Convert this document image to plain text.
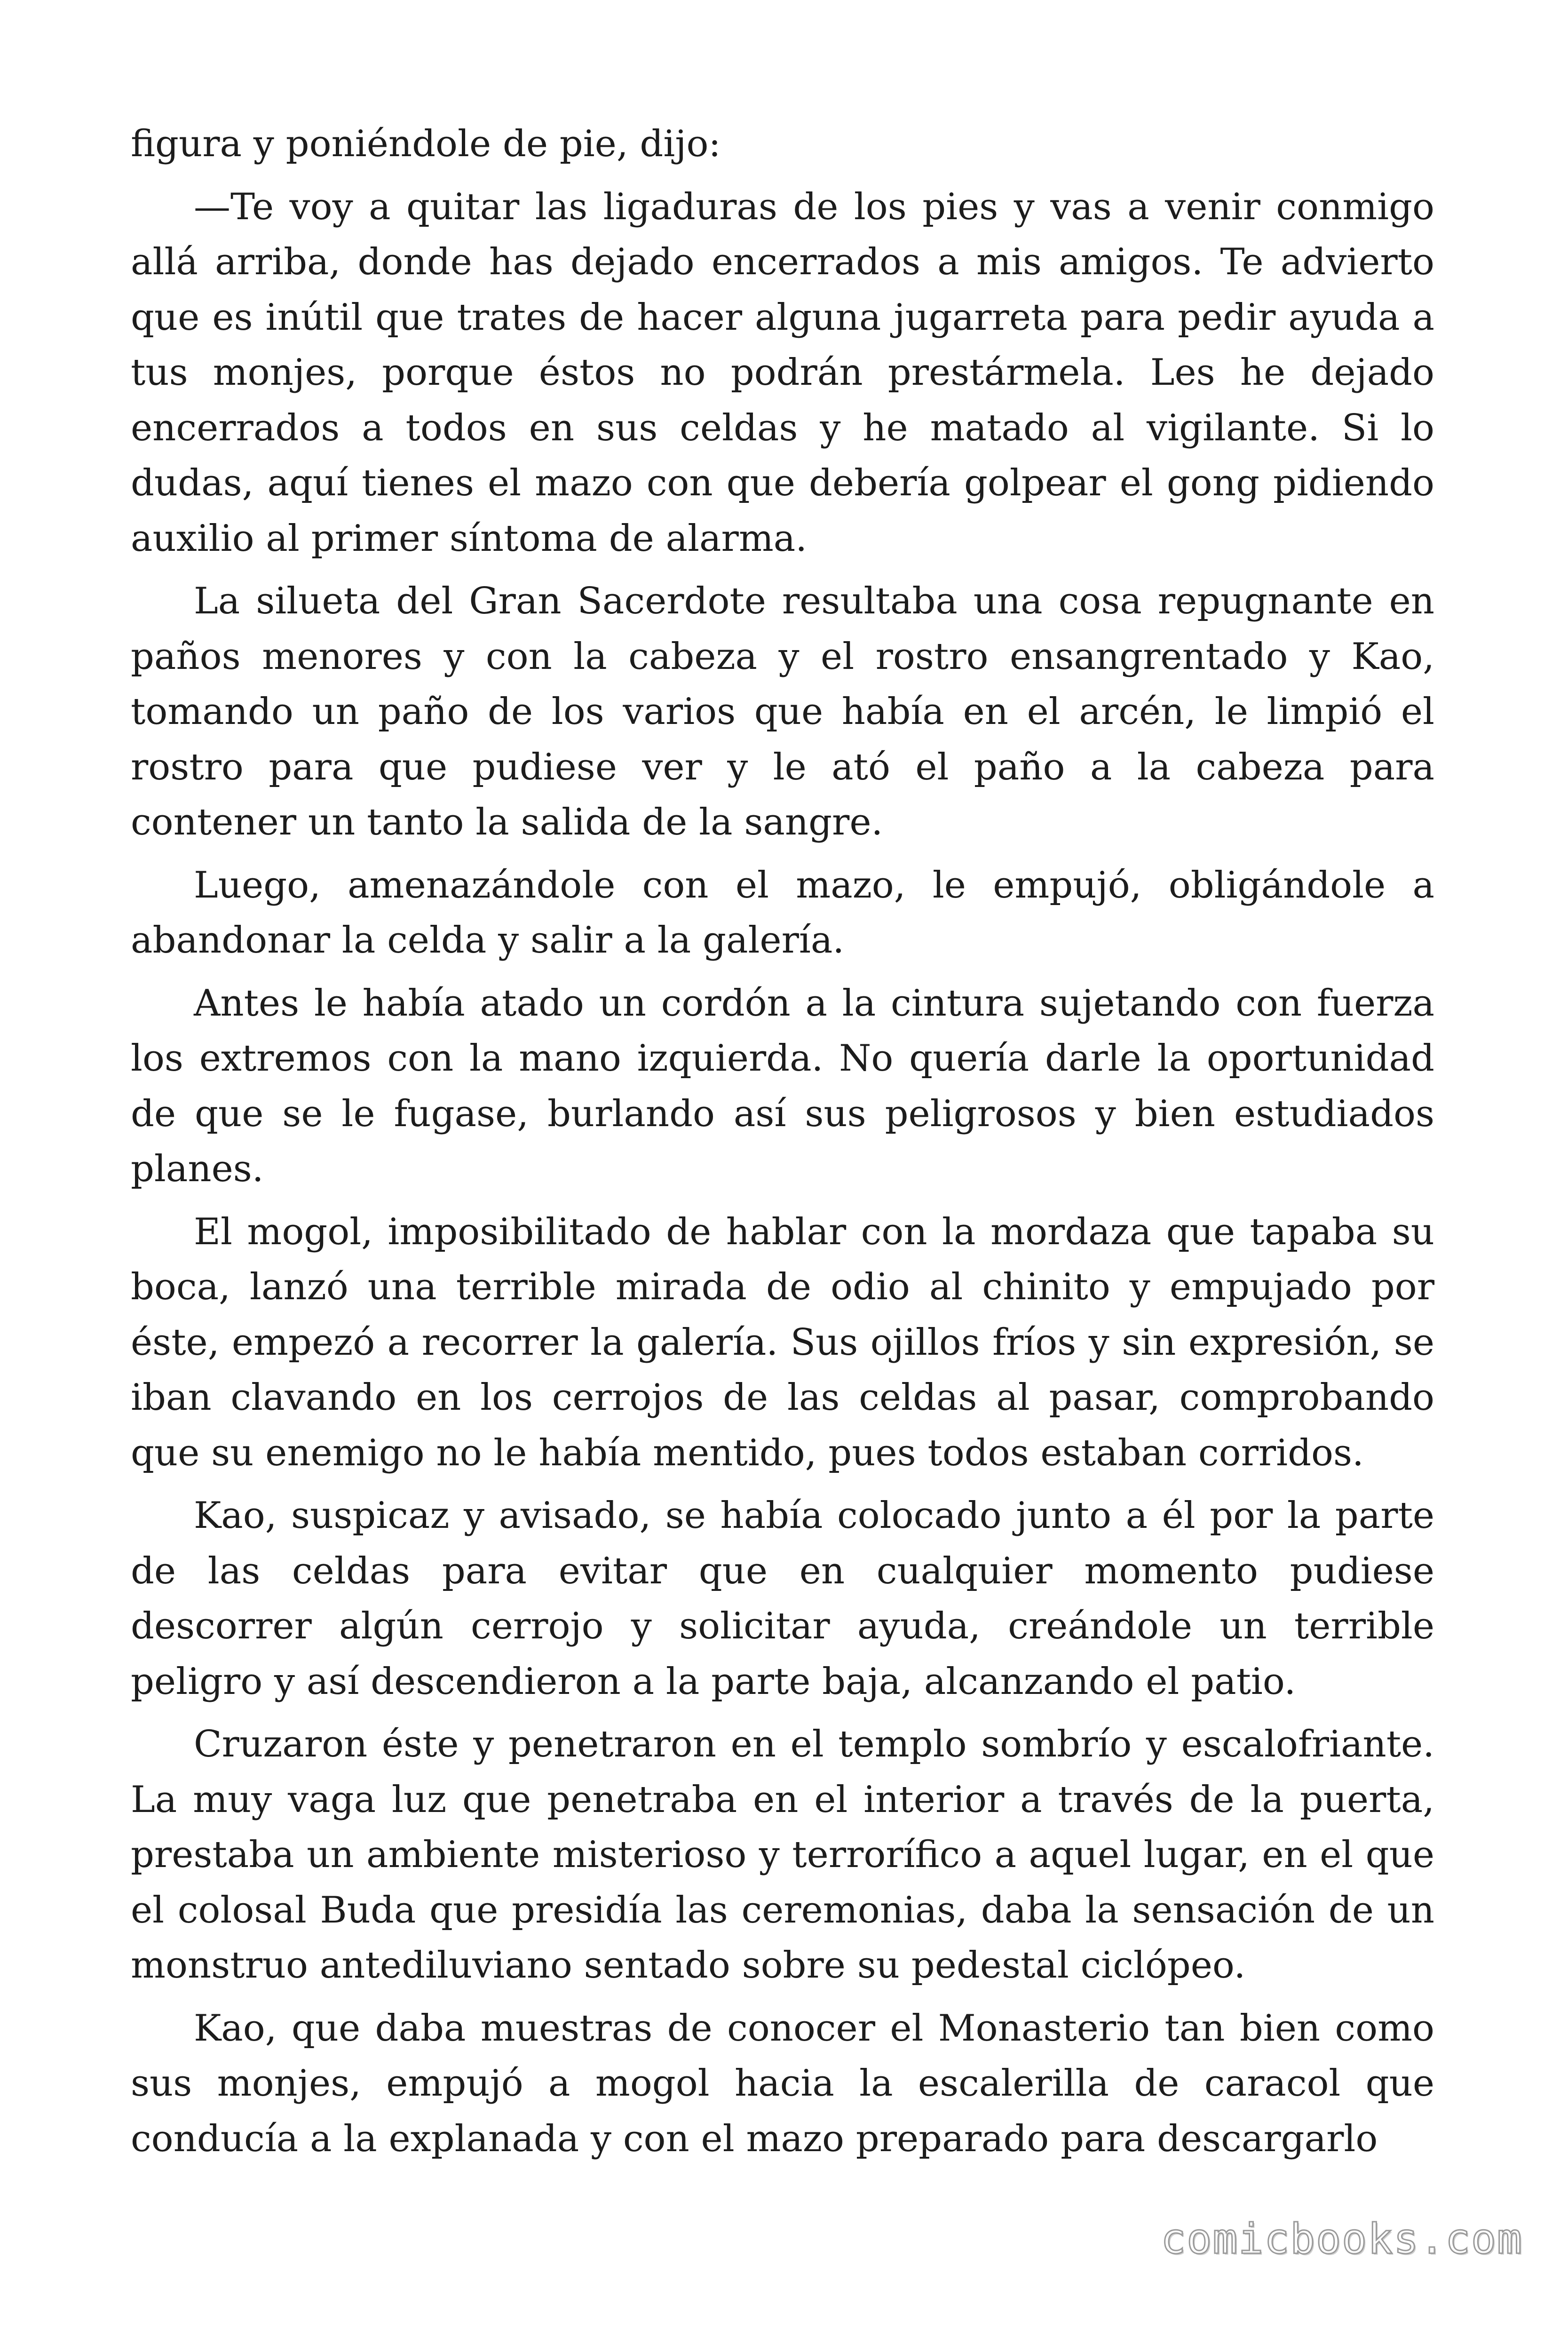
figura y poniéndole de pie, dijo:

—Te voy a quitar las ligaduras de los pies y vas a venir conmigo allá arriba, donde has dejado encerrados a mis amigos. Te advierto que es inútil que trates de hacer alguna jugarreta para pedir ayuda a tus monjes, porque éstos no podrán prestármela. Les he dejado encerrados a todos en sus celdas y he matado al vigilante. Si lo dudas, aquí tienes el mazo con que debería golpear el gong pidiendo auxilio al primer síntoma de alarma.

La silueta del Gran Sacerdote resultaba una cosa repugnante en paños menores y con la cabeza y el rostro ensangrentado y Kao, tomando un paño de los varios que había en el arcén, le limpió el rostro para que pudiese ver y le ató el paño a la cabeza para contener un tanto la salida de la sangre.

Luego, amenazándole con el mazo, le empujó, obligándole a abandonar la celda y salir a la galería.

Antes le había atado un cordón a la cintura sujetando con fuerza los extremos con la mano izquierda. No quería darle la oportunidad de que se le fugase, burlando así sus peligrosos y bien estudiados planes.

El mogol, imposibilitado de hablar con la mordaza que tapaba su boca, lanzó una terrible mirada de odio al chinito y empujado por éste, empezó a recorrer la galería. Sus ojillos fríos y sin expresión, se iban clavando en los cerrojos de las celdas al pasar, comprobando que su enemigo no le había mentido, pues todos estaban corridos.

Kao, suspicaz y avisado, se había colocado junto a él por la parte de las celdas para evitar que en cualquier momento pudiese descorrer algún cerrojo y solicitar ayuda, creándole un terrible peligro y así descendieron a la parte baja, alcanzando el patio.

Cruzaron éste y penetraron en el templo sombrío y escalofriante. La muy vaga luz que penetraba en el interior a través de la puerta, prestaba un ambiente misterioso y terrorífico a aquel lugar, en el que el colosal Buda que presidía las ceremonias, daba la sensación de un monstruo antediluviano sentado sobre su pedestal ciclópeo.

Kao, que daba muestras de conocer el Monasterio tan bien como sus monjes, empujó a mogol hacia la escalerilla de caracol que conducía a la explanada y con el mazo preparado para descargarlo

comicbooks.com
